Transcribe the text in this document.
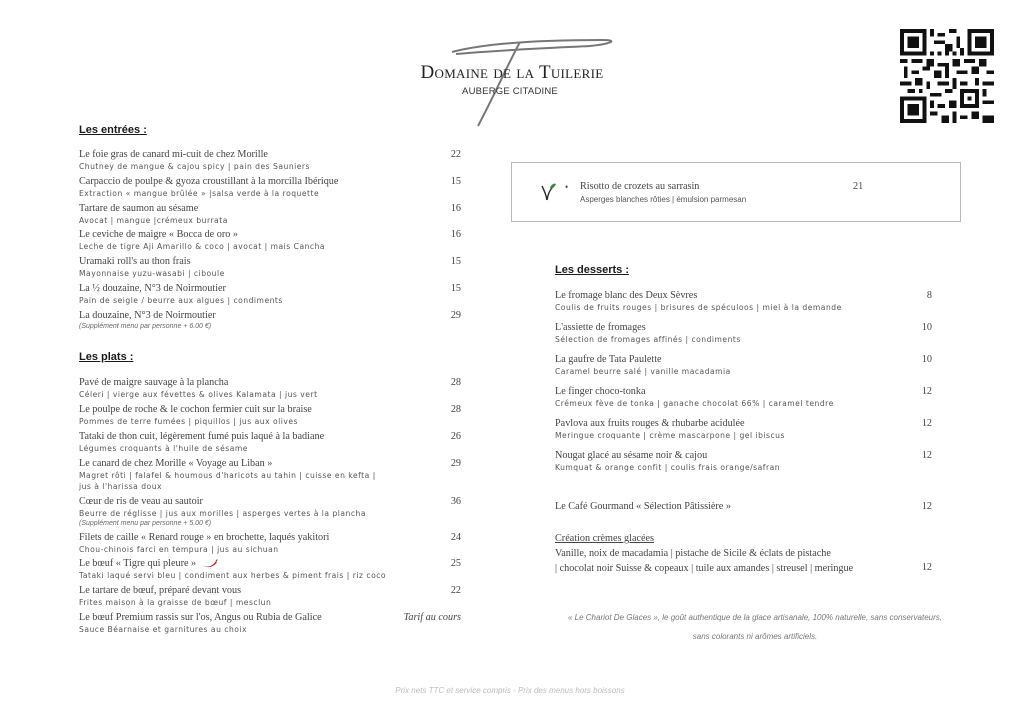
Domaine de la Tuilerie
AUBERGE CITADINE
Les entrées :
Le foie gras de canard mi-cuit de chez Morille
Chutney de mangue & cajou spicy | pain des Sauniers
22
Carpaccio de poulpe & gyoza croustillant à la morcilla Ibérique
Extraction « mangue brûlée » |salsa verde à la roquette
15
Tartare de saumon au sésame
Avocat | mangue |crémeux burrata
16
Le ceviche de maigre « Bocca de oro »
Leche de tigre Aji Amarillo & coco | avocat | mais Cancha
16
Uramaki roll's au thon frais
Mayonnaise yuzu-wasabi | ciboule
15
La ½ douzaine, N°3 de Noirmoutier
Pain de seigle / beurre aux algues | condiments
15
La douzaine, N°3 de Noirmoutier
(Supplément menu par personne + 6.00 €)
29
Les plats :
Pavé de maigre sauvage à la plancha
Céleri | vierge aux févettes & olives Kalamata | jus vert
28
Le poulpe de roche & le cochon fermier cuit sur la braise
Pommes de terre fumées | piquillos | jus aux olives
28
Tataki de thon cuit, légèrement fumé puis laqué à la badiane
Légumes croquants à l'huile de sésame
26
Le canard de chez Morille « Voyage au Liban »
Magret rôti | falafel & houmous d'haricots au tahin | cuisse en kefta |
jus à l'harissa doux
29
Cœur de ris de veau au sautoir
Beurre de réglisse | jus aux morilles | asperges vertes à la plancha
(Supplément menu par personne + 5.00 €)
36
Filets de caille « Renard rouge » en brochette, laqués yakitori
Chou-chinois farci en tempura | jus au sichuan
24
Le bœuf « Tigre qui pleure »
Tataki laqué servi bleu | condiment aux herbes & piment frais | riz coco
25
Le tartare de bœuf, préparé devant vous
Frites maison à la graisse de bœuf | mesclun
22
Le bœuf Premium rassis sur l'os, Angus ou Rubia de Galice
Sauce Béarnaise et garnitures au choix
Tarif au cours
• Risotto de crozets au sarrasin
Asperges blanches rôties | émulsion parmesan
21
Les desserts :
Le fromage blanc des Deux Sèvres
Coulis de fruits rouges | brisures de spéculoos | miel à la demande
8
L'assiette de fromages
Sélection de fromages affinés | condiments
10
La gaufre de Tata Paulette
Caramel beurre salé | vanille macadamia
10
Le finger choco-tonka
Crémeux fève de tonka | ganache chocolat 66% | caramel tendre
12
Pavlova aux fruits rouges & rhubarbe acidulée
Meringue croquante | crème mascarpone | gel ibiscus
12
Nougat glacé au sésame noir & cajou
Kumquat & orange confit | coulis frais orange/safran
12
Le Café Gourmand « Sélection Pâtissière »	12
Création crèmes glacées
Vanille, noix de macadamia | pistache de Sicile & éclats de pistache
| chocolat noir Suisse & copeaux | tuile aux amandes | streusel | meringue	12
« Le Chariot De Glaces », le goût authentique de la glace artisanale, 100% naturelle, sans conservateurs,
sans colorants ni arômes artificiels.
Prix nets TTC et service compris - Prix des menus hors boissons
